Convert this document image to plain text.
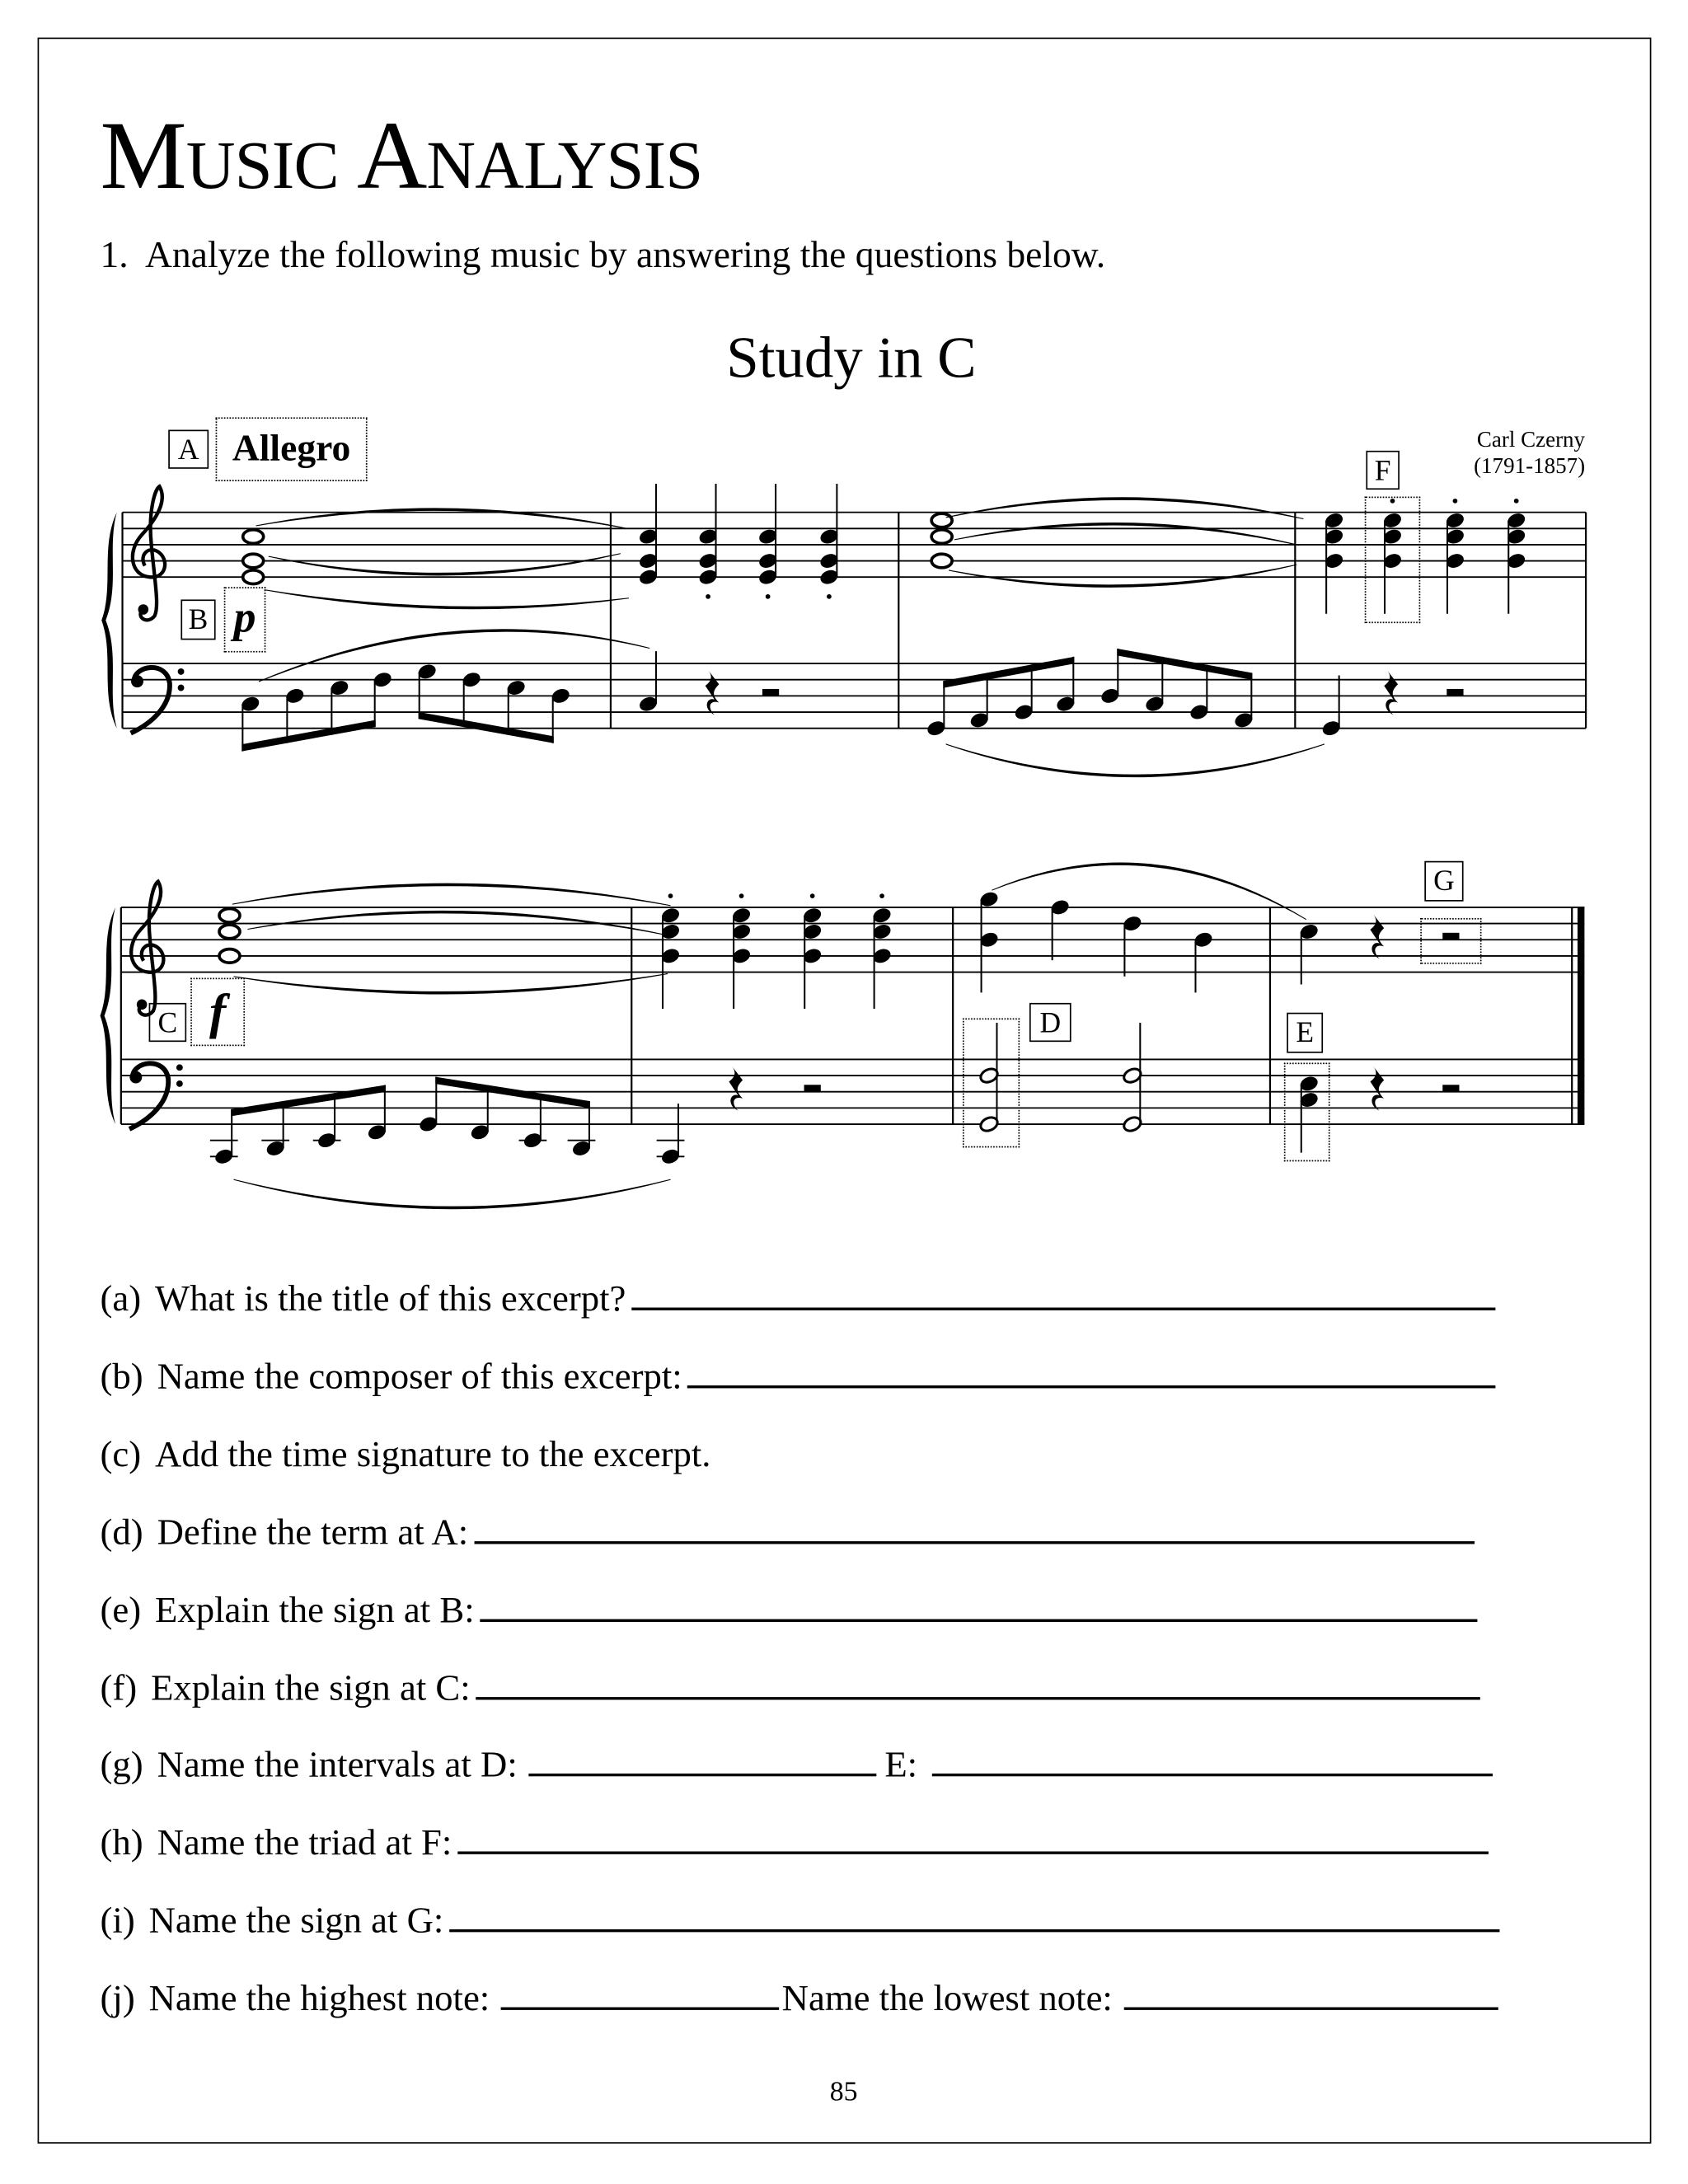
Music Analysis
1. Analyze the following music by answering the questions below.
Study in C
Carl Czerny
(1791-1857)
A	Allegro
B p
F
C	f	D	E
G
(a) What is the title of this excerpt?
(b) Name the composer of this excerpt:
(c) Add the time signature to the excerpt.
(d) Define the term at A:
(e) Explain the sign at B:
(f) Explain the sign at C:
(g) Name the intervals at D:	E:
(h) Name the triad at F:
(i) Name the sign at G:
(j) Name the highest note:	Name the lowest note:
85
